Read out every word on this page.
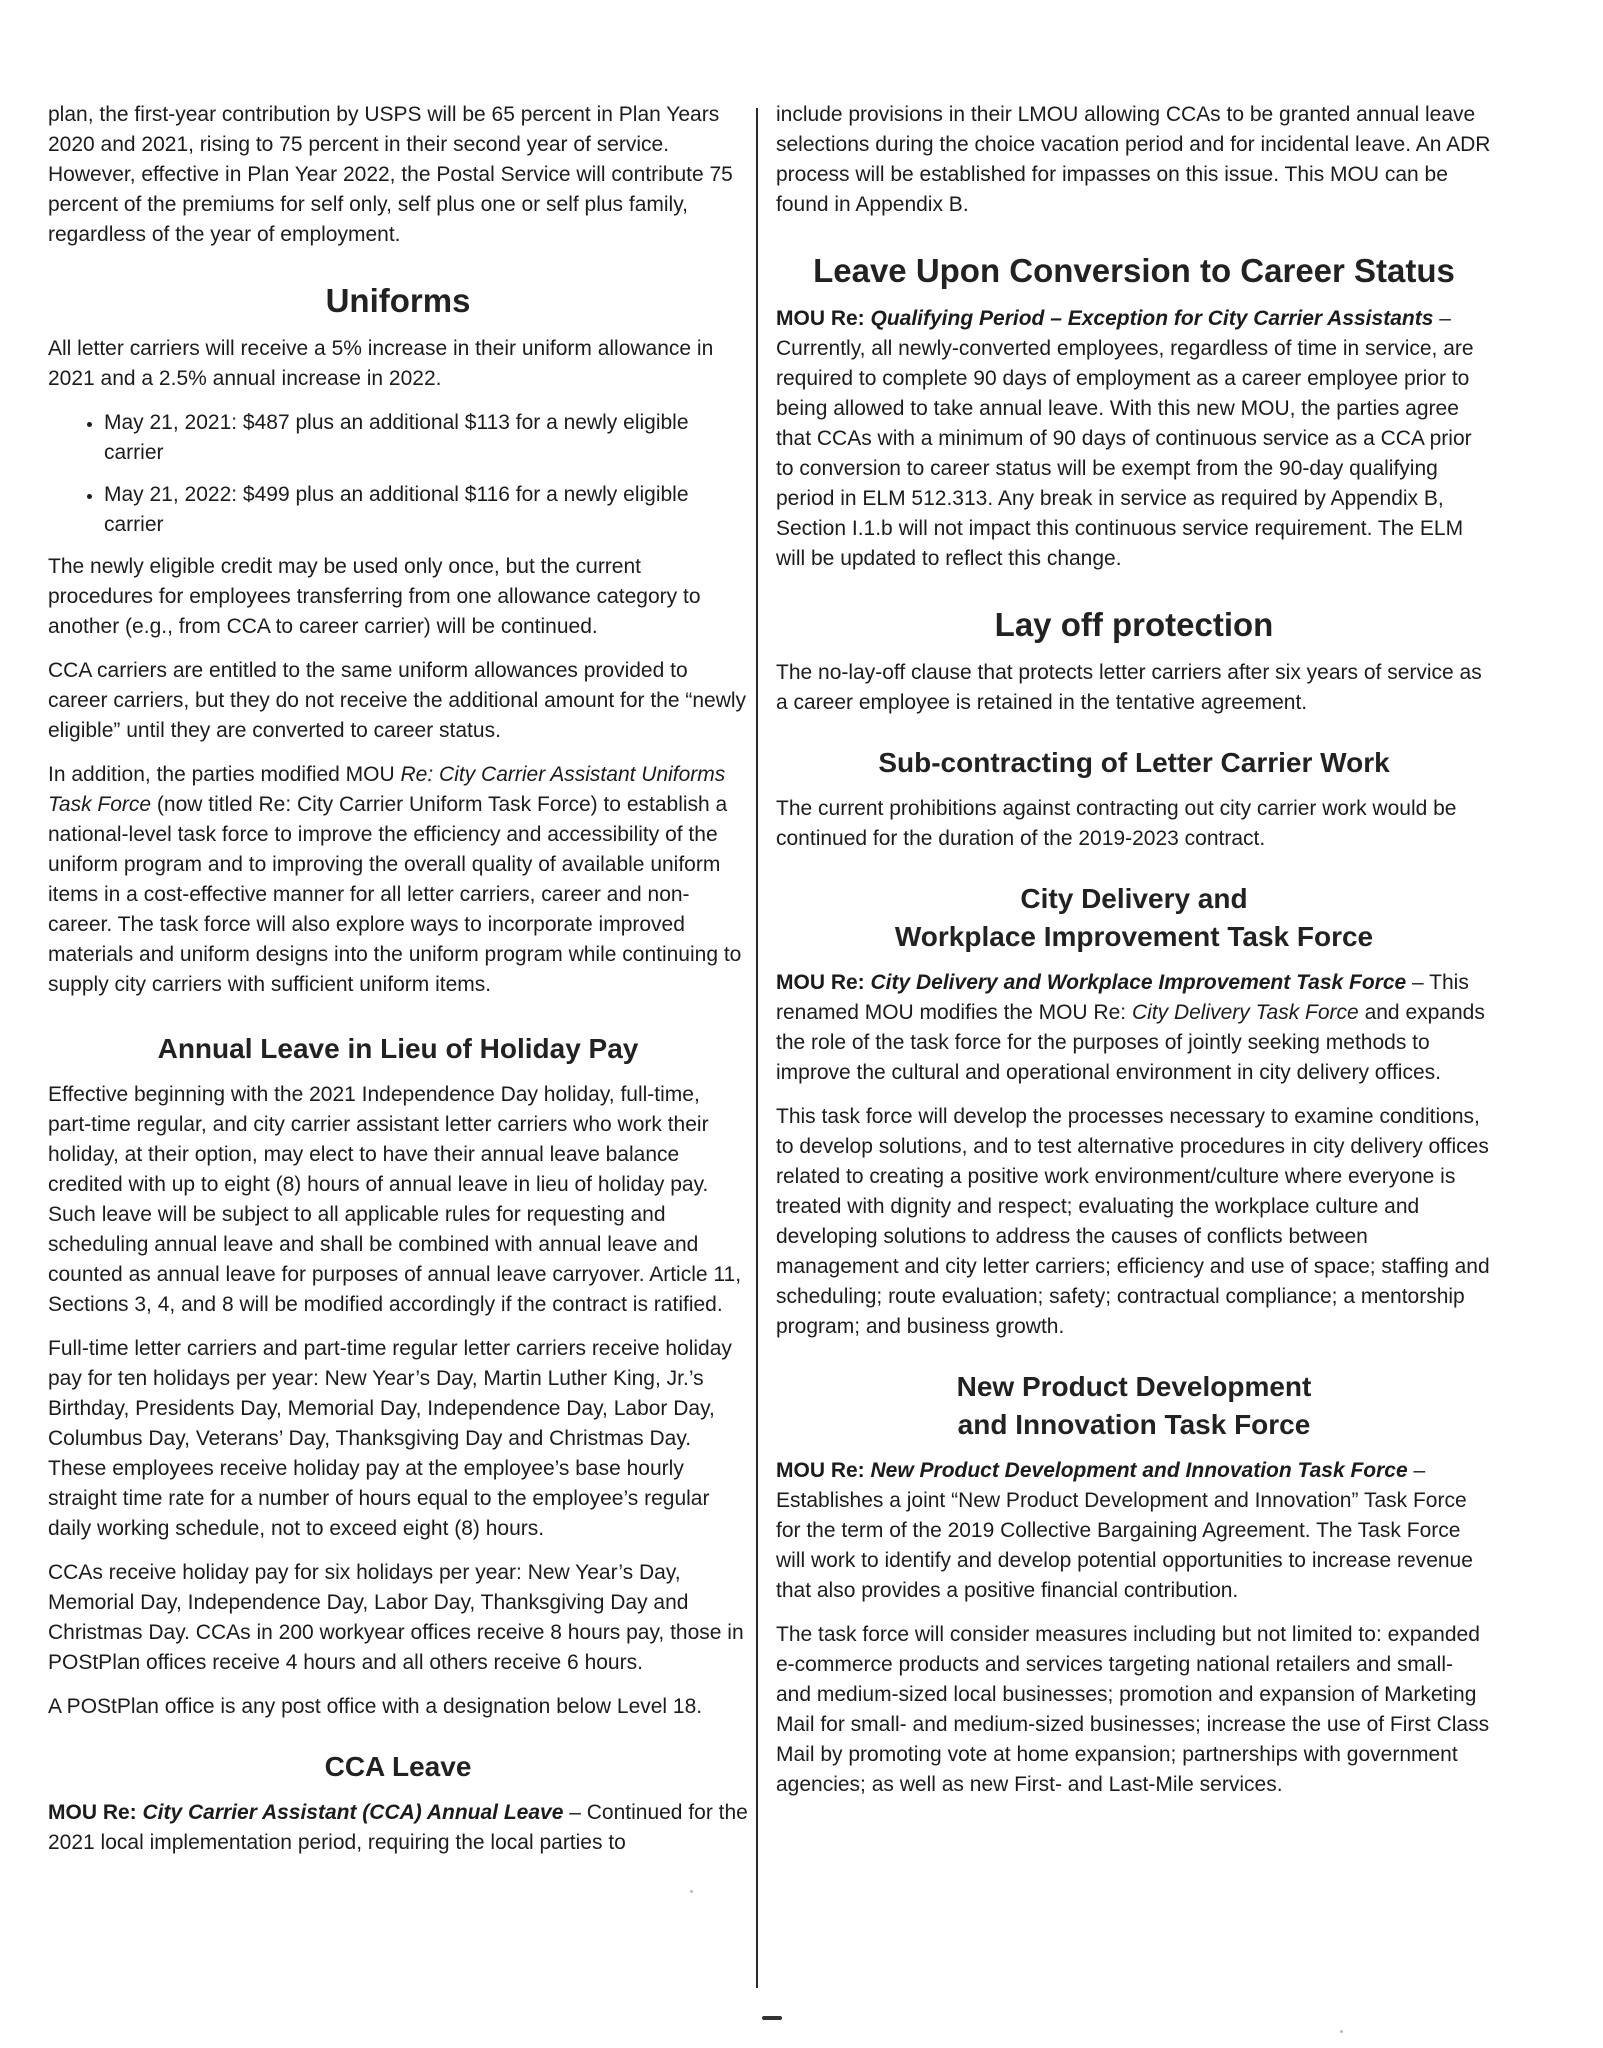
plan, the first-year contribution by USPS will be 65 percent in Plan Years 2020 and 2021, rising to 75 percent in their second year of service. However, effective in Plan Year 2022, the Postal Service will contribute 75 percent of the premiums for self only, self plus one or self plus family, regardless of the year of employment.

Uniforms

All letter carriers will receive a 5% increase in their uniform allowance in 2021 and a 2.5% annual increase in 2022.

• May 21, 2021: $487 plus an additional $113 for a newly eligible carrier
• May 21, 2022: $499 plus an additional $116 for a newly eligible carrier

The newly eligible credit may be used only once, but the current procedures for employees transferring from one allowance category to another (e.g., from CCA to career carrier) will be continued.

CCA carriers are entitled to the same uniform allowances provided to career carriers, but they do not receive the additional amount for the “newly eligible” until they are converted to career status.

In addition, the parties modified MOU Re: City Carrier Assistant Uniforms Task Force (now titled Re: City Carrier Uniform Task Force) to establish a national-level task force to improve the efficiency and accessibility of the uniform program and to improving the overall quality of available uniform items in a cost-effective manner for all letter carriers, career and non-career. The task force will also explore ways to incorporate improved materials and uniform designs into the uniform program while continuing to supply city carriers with sufficient uniform items.

Annual Leave in Lieu of Holiday Pay

Effective beginning with the 2021 Independence Day holiday, full-time, part-time regular, and city carrier assistant letter carriers who work their holiday, at their option, may elect to have their annual leave balance credited with up to eight (8) hours of annual leave in lieu of holiday pay. Such leave will be subject to all applicable rules for requesting and scheduling annual leave and shall be combined with annual leave and counted as annual leave for purposes of annual leave carryover. Article 11, Sections 3, 4, and 8 will be modified accordingly if the contract is ratified.

Full-time letter carriers and part-time regular letter carriers receive holiday pay for ten holidays per year: New Year’s Day, Martin Luther King, Jr.’s Birthday, Presidents Day, Memorial Day, Independence Day, Labor Day, Columbus Day, Veterans’ Day, Thanksgiving Day and Christmas Day. These employees receive holiday pay at the employee’s base hourly straight time rate for a number of hours equal to the employee’s regular daily working schedule, not to exceed eight (8) hours.

CCAs receive holiday pay for six holidays per year: New Year’s Day, Memorial Day, Independence Day, Labor Day, Thanksgiving Day and Christmas Day. CCAs in 200 workyear offices receive 8 hours pay, those in POStPlan offices receive 4 hours and all others receive 6 hours.

A POStPlan office is any post office with a designation below Level 18.

CCA Leave

MOU Re: City Carrier Assistant (CCA) Annual Leave – Continued for the 2021 local implementation period, requiring the local parties to

include provisions in their LMOU allowing CCAs to be granted annual leave selections during the choice vacation period and for incidental leave. An ADR process will be established for impasses on this issue. This MOU can be found in Appendix B.

Leave Upon Conversion to Career Status

MOU Re: Qualifying Period – Exception for City Carrier Assistants – Currently, all newly-converted employees, regardless of time in service, are required to complete 90 days of employment as a career employee prior to being allowed to take annual leave. With this new MOU, the parties agree that CCAs with a minimum of 90 days of continuous service as a CCA prior to conversion to career status will be exempt from the 90-day qualifying period in ELM 512.313. Any break in service as required by Appendix B, Section I.1.b will not impact this continuous service requirement. The ELM will be updated to reflect this change.

Lay off protection

The no-lay-off clause that protects letter carriers after six years of service as a career employee is retained in the tentative agreement.

Sub-contracting of Letter Carrier Work

The current prohibitions against contracting out city carrier work would be continued for the duration of the 2019-2023 contract.

City Delivery and
Workplace Improvement Task Force

MOU Re: City Delivery and Workplace Improvement Task Force – This renamed MOU modifies the MOU Re: City Delivery Task Force and expands the role of the task force for the purposes of jointly seeking methods to improve the cultural and operational environment in city delivery offices.

This task force will develop the processes necessary to examine conditions, to develop solutions, and to test alternative procedures in city delivery offices related to creating a positive work environment/culture where everyone is treated with dignity and respect; evaluating the workplace culture and developing solutions to address the causes of conflicts between management and city letter carriers; efficiency and use of space; staffing and scheduling; route evaluation; safety; contractual compliance; a mentorship program; and business growth.

New Product Development
and Innovation Task Force

MOU Re: New Product Development and Innovation Task Force – Establishes a joint “New Product Development and Innovation” Task Force for the term of the 2019 Collective Bargaining Agreement. The Task Force will work to identify and develop potential opportunities to increase revenue that also provides a positive financial contribution.

The task force will consider measures including but not limited to: expanded e-commerce products and services targeting national retailers and small- and medium-sized local businesses; promotion and expansion of Marketing Mail for small- and medium-sized businesses; increase the use of First Class Mail by promoting vote at home expansion; partnerships with government agencies; as well as new First- and Last-Mile services.
